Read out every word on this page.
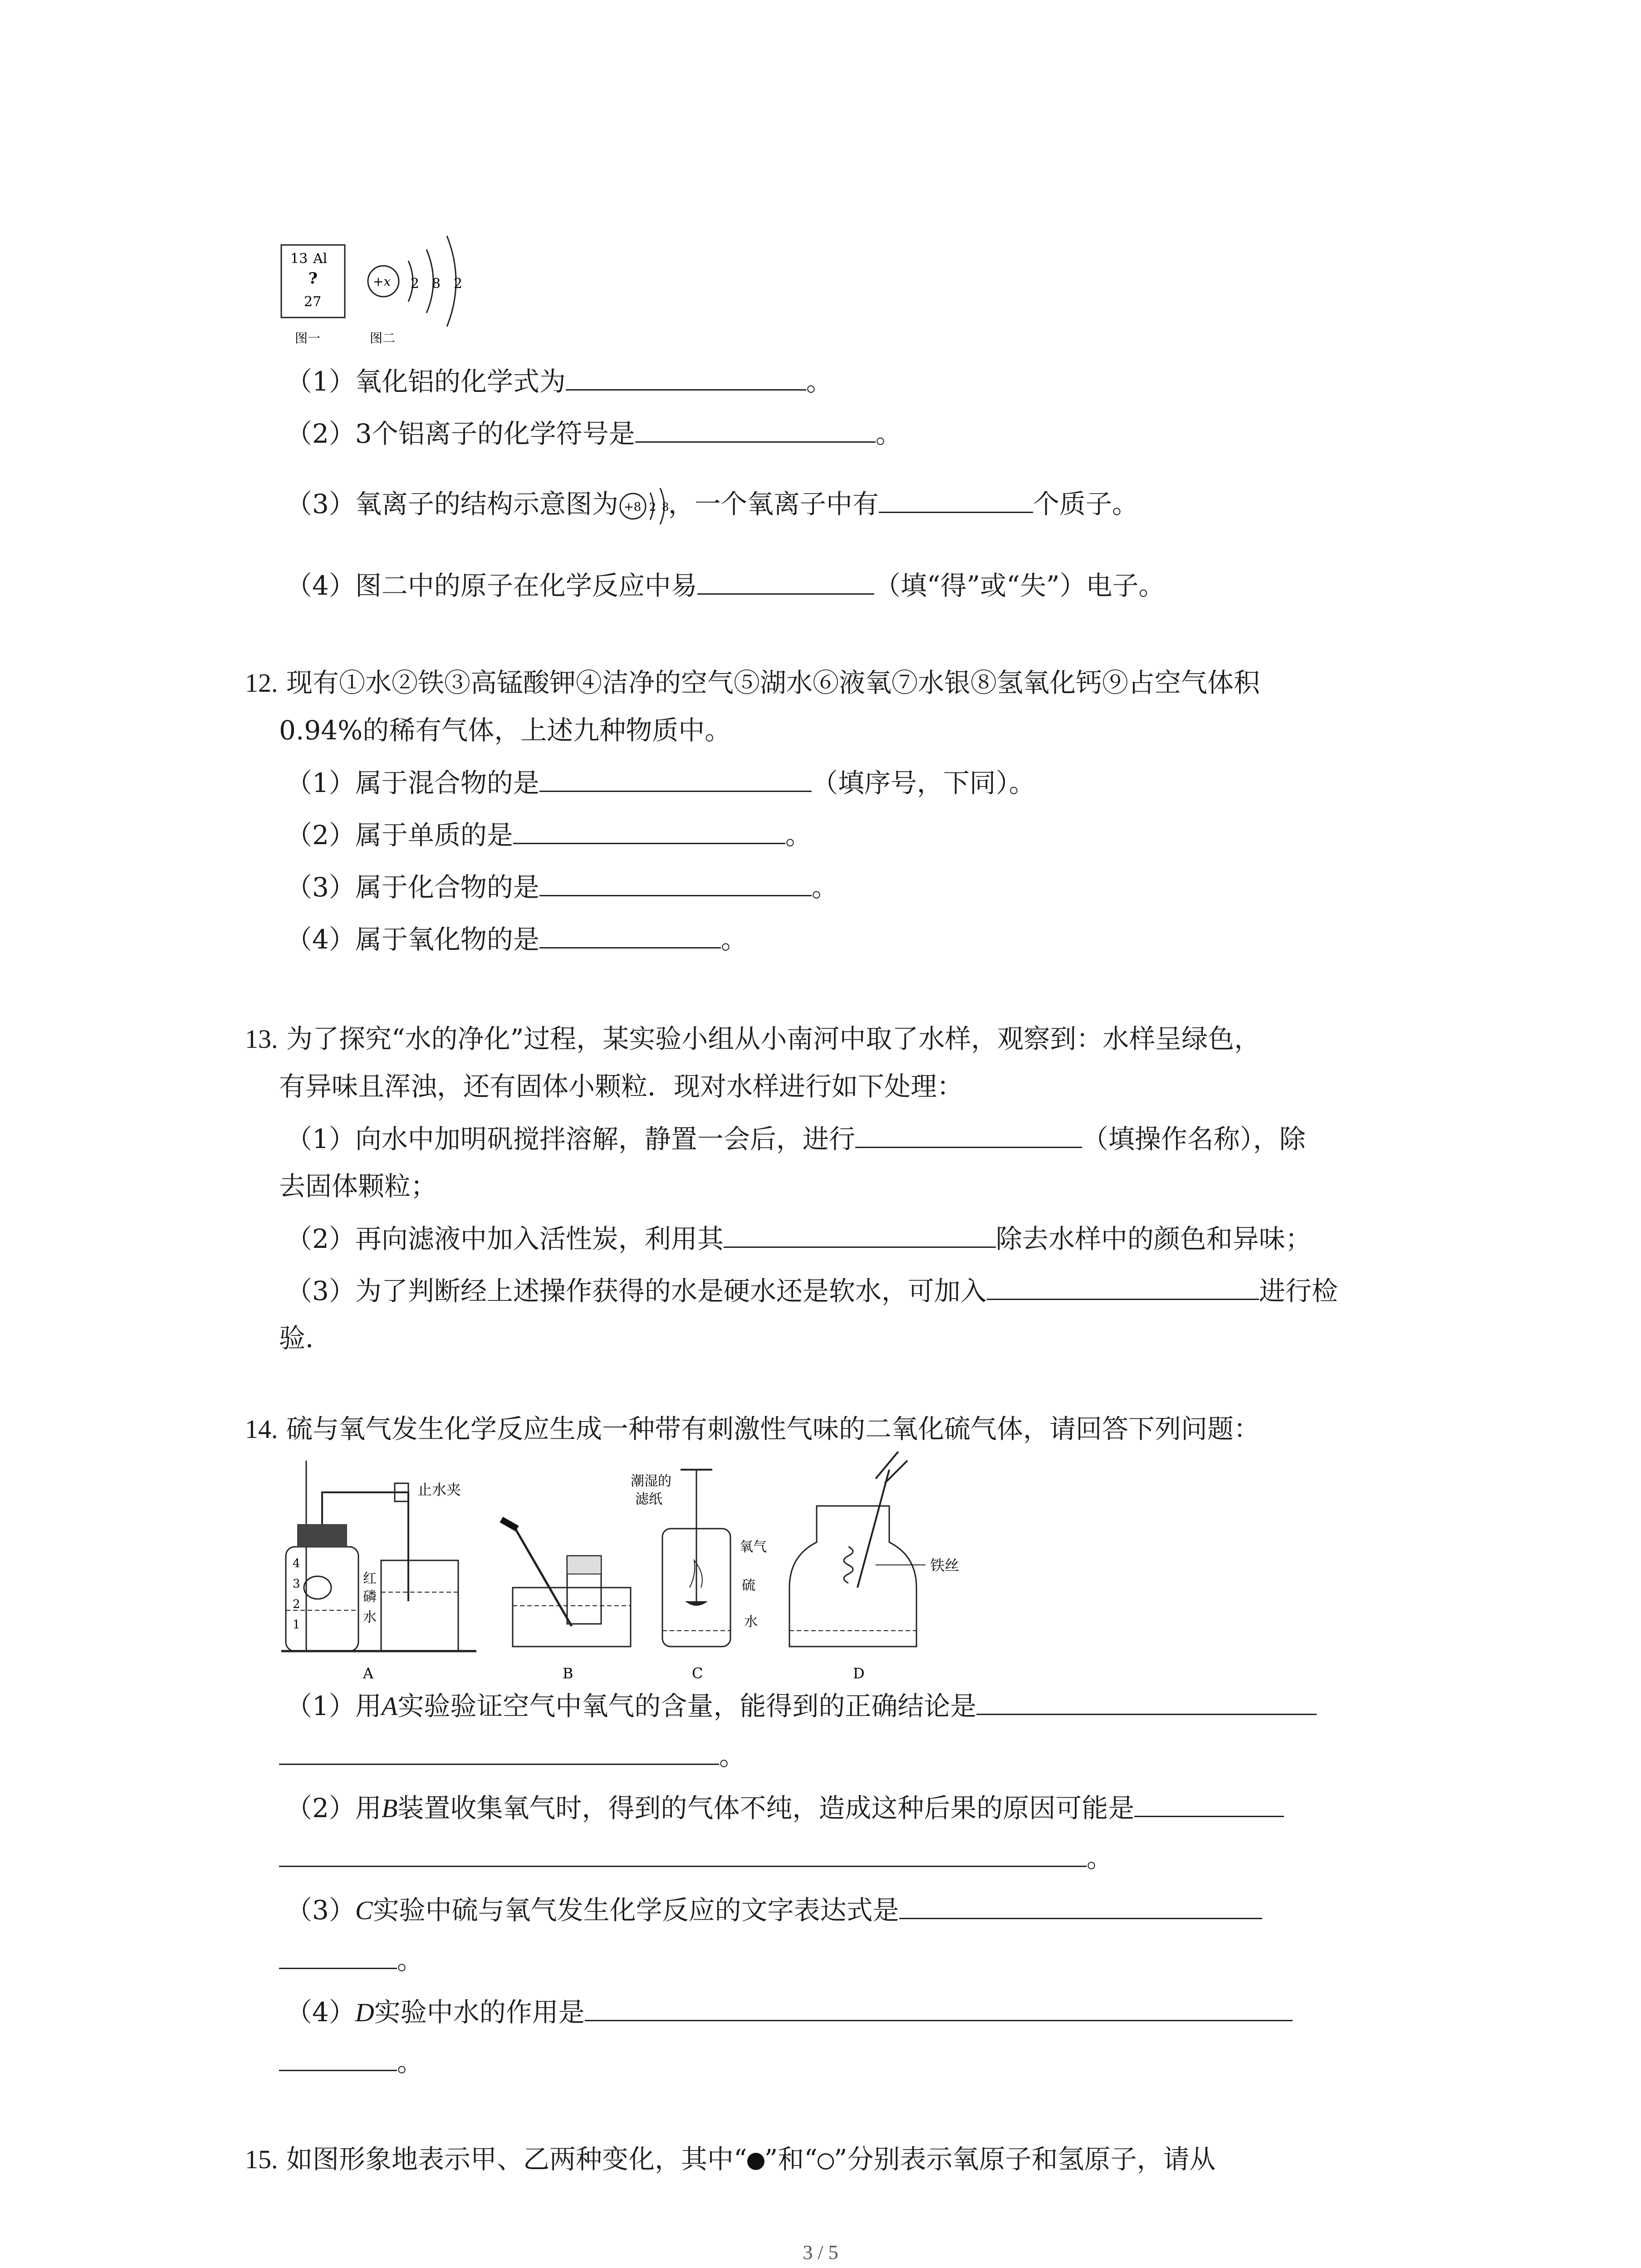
13 Al
?
27
+x 2 8 2
图一	图二
（1）氧化铝的化学式为	。
（2）3个铝离子的化学符号是	。
（3）氧离子的结构示意图为 +8 2 8
，一个氧离子中有	个质子。
（4）图二中的原子在化学反应中易	（填“得”或“失”）电子。
12. 现有①水②铁③高锰酸钾④洁净的空气⑤湖水⑥液氧⑦水银⑧氢氧化钙⑨占空气体积
0.94%的稀有气体，上述九种物质中。
（1）属于混合物的是	（填序号，下同）。
（2）属于单质的是	。
（3）属于化合物的是	。
（4）属于氧化物的是	。
13. 为了探究“水的净化”过程，某实验小组从小南河中取了水样，观察到：水样呈绿色，
有异味且浑浊，还有固体小颗粒．现对水样进行如下处理：
（1）向水中加明矾搅拌溶解，静置一会后，进行	（填操作名称），除
去固体颗粒；
（2）再向滤液中加入活性炭，利用其	除去水样中的颜色和异味；
（3）为了判断经上述操作获得的水是硬水还是软水，可加入	进行检
验．
14. 硫与氧气发生化学反应生成一种带有刺激性气味的二氧化硫气体，请回答下列问题：
止水夹
红
磷
水
4
3
2
1
A	B
潮湿的
滤纸
氧气
硫
水
C
铁丝
D
（1）用A实验验证空气中氧气的含量，能得到的正确结论是
。
（2）用B装置收集氧气时，得到的气体不纯，造成这种后果的原因可能是
。
（3）C实验中硫与氧气发生化学反应的文字表达式是
。
（4）D实验中水的作用是
。
15. 如图形象地表示甲、乙两种变化，其中“ ”和“ ”分别表示氧原子和氢原子，请从
3 / 5
